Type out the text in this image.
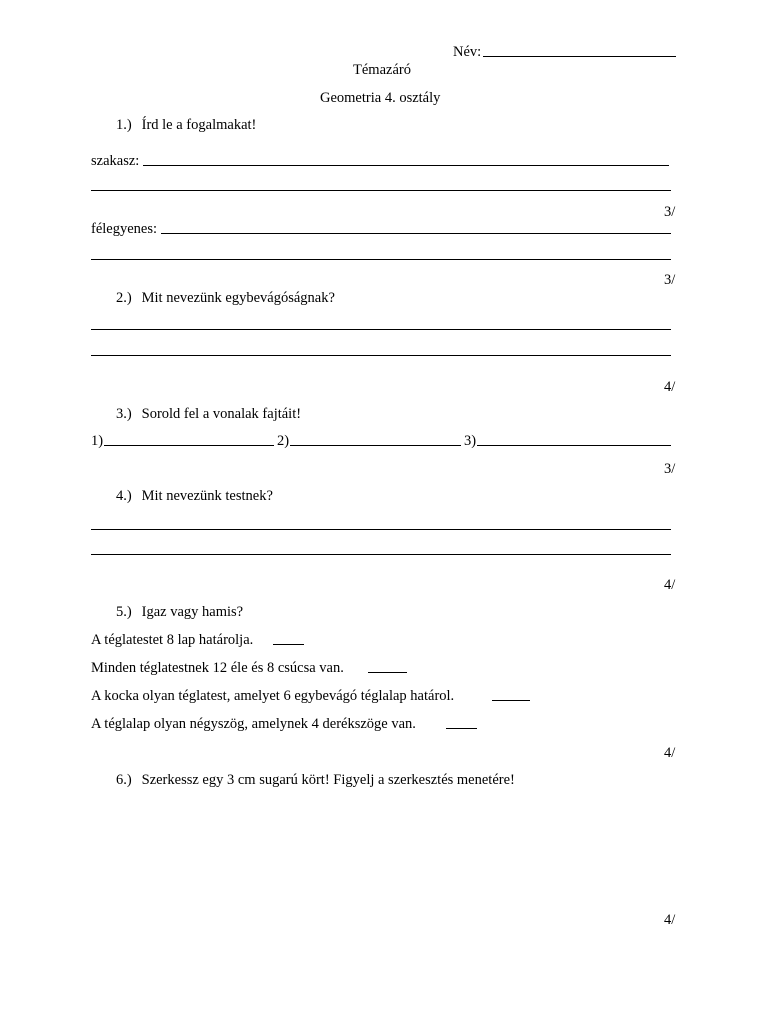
Név:
Témazáró
Geometria 4. osztály
1.) Írd le a fogalmakat!
szakasz:
3/
félegyenes:
3/
2.) Mit nevezünk egybevágóságnak?
4/
3.) Sorold fel a vonalak fajtáit!
1)	2)	3)
3/
4.) Mit nevezünk testnek?
4/
5.) Igaz vagy hamis?
A téglatestet 8 lap határolja.
Minden téglatestnek 12 éle és 8 csúcsa van.
A kocka olyan téglatest, amelyet 6 egybevágó téglalap határol.
A téglalap olyan négyszög, amelynek 4 derékszöge van.
4/
6.) Szerkessz egy 3 cm sugarú kört! Figyelj a szerkesztés menetére!
4/
